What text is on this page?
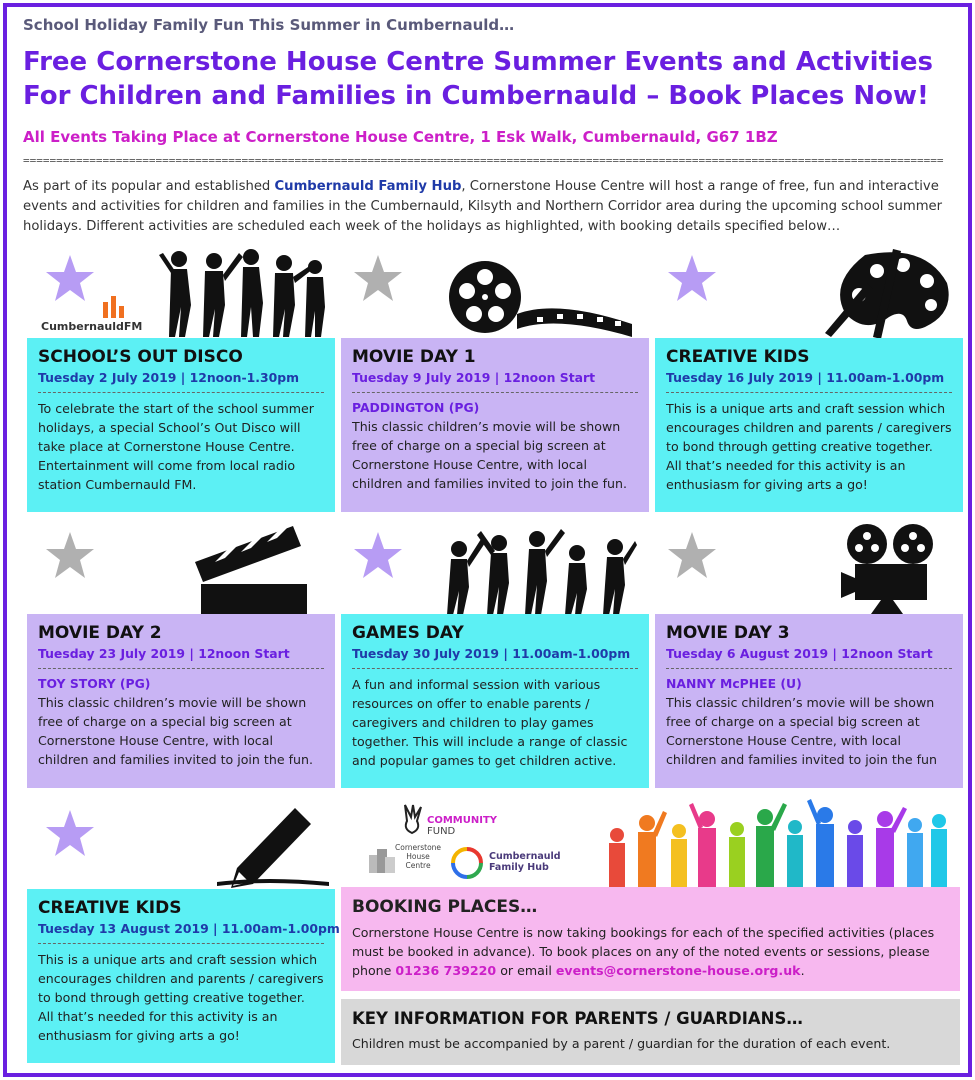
School Holiday Family Fun This Summer in Cumbernauld…
Free Cornerstone House Centre Summer Events and Activities
For Children and Families in Cumbernauld – Book Places Now!
All Events Taking Place at Cornerstone House Centre, 1 Esk Walk, Cumbernauld, G67 1BZ
===========================================================================================================================================
As part of its popular and established Cumbernauld Family Hub, Cornerstone House Centre will host a range of free, fun and interactive events and activities for children and families in the Cumbernauld, Kilsyth and Northern Corridor area during the upcoming school summer holidays. Different activities are scheduled each week of the holidays as highlighted, with booking details specified below…
CumbernauldFM
SCHOOL’S OUT DISCO
Tuesday 2 July 2019 | 12noon-1.30pm
To celebrate the start of the school summer holidays, a special School’s Out Disco will take place at Cornerstone House Centre. Entertainment will come from local radio station Cumbernauld FM.
MOVIE DAY 1
Tuesday 9 July 2019 | 12noon Start
PADDINGTON (PG)
This classic children’s movie will be shown free of charge on a special big screen at Cornerstone House Centre, with local children and families invited to join the fun.
CREATIVE KIDS
Tuesday 16 July 2019 | 11.00am-1.00pm
This is a unique arts and craft session which encourages children and parents / caregivers to bond through getting creative together. All that’s needed for this activity is an enthusiasm for giving arts a go!
MOVIE DAY 2
Tuesday 23 July 2019 | 12noon Start
TOY STORY (PG)
This classic children’s movie will be shown free of charge on a special big screen at Cornerstone House Centre, with local children and families invited to join the fun.
GAMES DAY
Tuesday 30 July 2019 | 11.00am-1.00pm
A fun and informal session with various resources on offer to enable parents / caregivers and children to play games together. This will include a range of classic and popular games to get children active.
MOVIE DAY 3
Tuesday 6 August 2019 | 12noon Start
NANNY McPHEE (U)
This classic children’s movie will be shown free of charge on a special big screen at Cornerstone House Centre, with local children and families invited to join the fun
COMMUNITY
FUND
Cornerstone
House
Centre
Cumbernauld
Family Hub
CREATIVE KIDS
Tuesday 13 August 2019 | 11.00am-1.00pm
This is a unique arts and craft session which encourages children and parents / caregivers to bond through getting creative together. All that’s needed for this activity is an enthusiasm for giving arts a go!
BOOKING PLACES…
Cornerstone House Centre is now taking bookings for each of the specified activities (places must be booked in advance). To book places on any of the noted events or sessions, please phone 01236 739220 or email events@cornerstone-house.org.uk.
KEY INFORMATION FOR PARENTS / GUARDIANS…
Children must be accompanied by a parent / guardian for the duration of each event.
